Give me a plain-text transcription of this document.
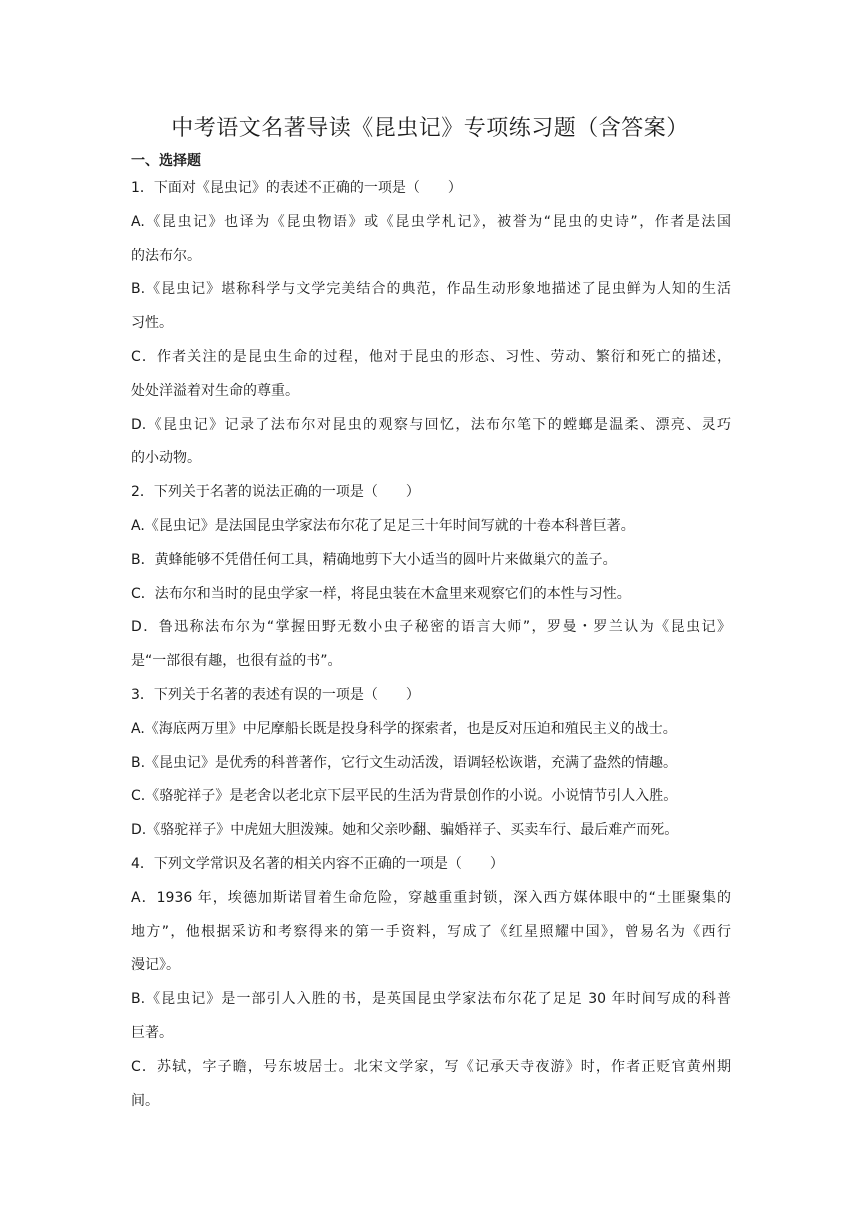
中考语文名著导读《昆虫记》专项练习题（含答案）
一、选择题
1．下面对《昆虫记》的表述不正确的一项是（　　）
A.《昆虫记》也译为《昆虫物语》或《昆虫学札记》，被誉为“昆虫的史诗”，作者是法国
的法布尔。
B.《昆虫记》堪称科学与文学完美结合的典范，作品生动形象地描述了昆虫鲜为人知的生活
习性。
C．作者关注的是昆虫生命的过程，他对于昆虫的形态、习性、劳动、繁衍和死亡的描述，
处处洋溢着对生命的尊重。
D.《昆虫记》记录了法布尔对昆虫的观察与回忆，法布尔笔下的螳螂是温柔、漂亮、灵巧
的小动物。
2．下列关于名著的说法正确的一项是（　　）
A.《昆虫记》是法国昆虫学家法布尔花了足足三十年时间写就的十卷本科普巨著。
B．黄蜂能够不凭借任何工具，精确地剪下大小适当的圆叶片来做巢穴的盖子。
C．法布尔和当时的昆虫学家一样，将昆虫装在木盒里来观察它们的本性与习性。
D．鲁迅称法布尔为“掌握田野无数小虫子秘密的语言大师”，罗曼・罗兰认为《昆虫记》
是“一部很有趣，也很有益的书”。
3．下列关于名著的表述有误的一项是（　　）
A.《海底两万里》中尼摩船长既是投身科学的探索者，也是反对压迫和殖民主义的战士。
B.《昆虫记》是优秀的科普著作，它行文生动活泼，语调轻松诙谐，充满了盎然的情趣。
C.《骆驼祥子》是老舍以老北京下层平民的生活为背景创作的小说。小说情节引人入胜。
D.《骆驼祥子》中虎妞大胆泼辣。她和父亲吵翻、骗婚祥子、买卖车行、最后难产而死。
4．下列文学常识及名著的相关内容不正确的一项是（　　）
A．1936 年，埃德加斯诺冒着生命危险，穿越重重封锁，深入西方媒体眼中的“土匪聚集的
地方”，他根据采访和考察得来的第一手资料，写成了《红星照耀中国》，曾易名为《西行
漫记》。
B.《昆虫记》是一部引人入胜的书，是英国昆虫学家法布尔花了足足 30 年时间写成的科普
巨著。
C．苏轼，字子瞻，号东坡居士。北宋文学家，写《记承天寺夜游》时，作者正贬官黄州期
间。
